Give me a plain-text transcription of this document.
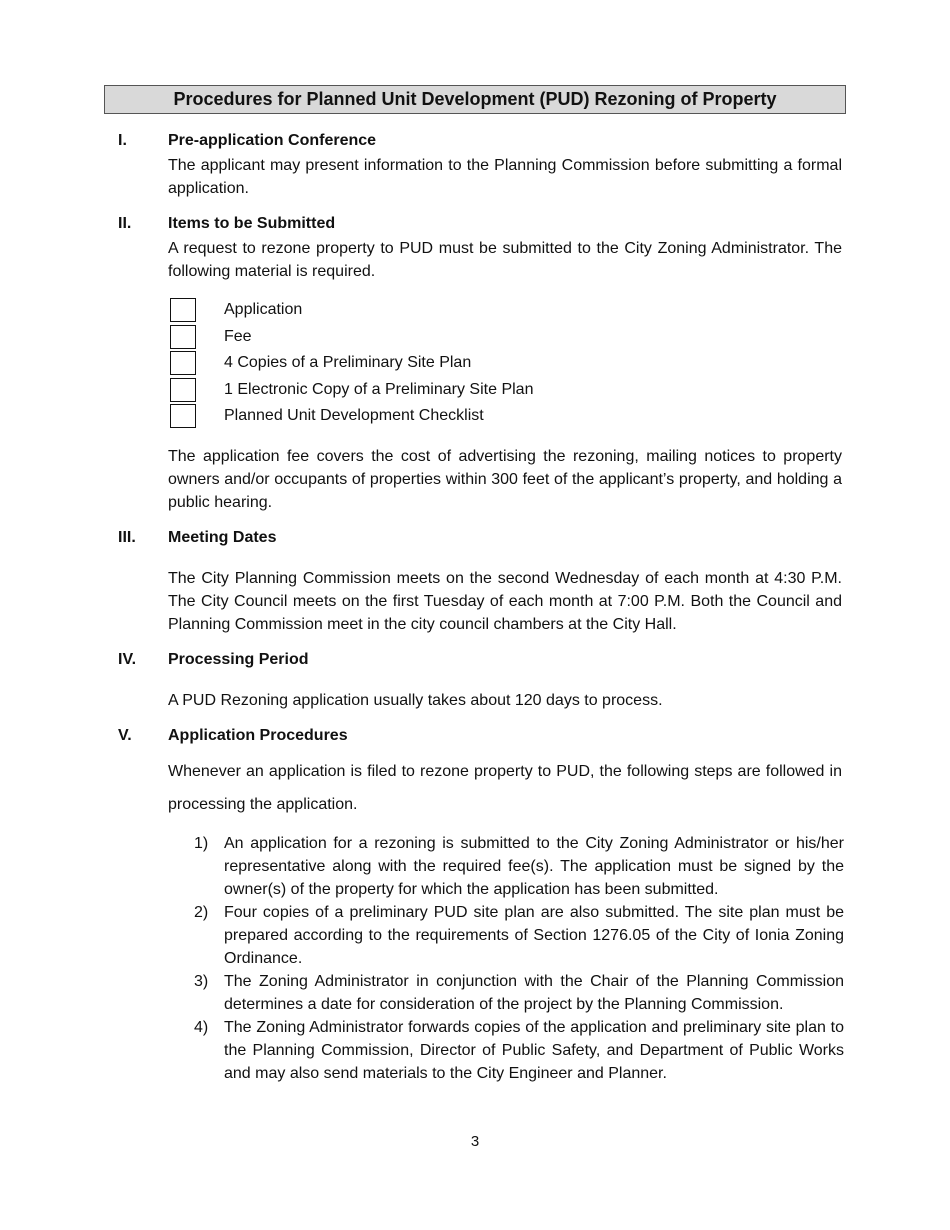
Procedures for Planned Unit Development (PUD) Rezoning of Property
I.	Pre-application Conference
The applicant may present information to the Planning Commission before submitting a formal application.
II.	Items to be Submitted
A request to rezone property to PUD must be submitted to the City Zoning Administrator. The following material is required.
Application
Fee
4 Copies of a Preliminary Site Plan
1 Electronic Copy of a Preliminary Site Plan
Planned Unit Development Checklist
The application fee covers the cost of advertising the rezoning, mailing notices to property owners and/or occupants of properties within 300 feet of the applicant’s property, and holding a public hearing.
III.	Meeting Dates
The City Planning Commission meets on the second Wednesday of each month at 4:30 P.M. The City Council meets on the first Tuesday of each month at 7:00 P.M. Both the Council and Planning Commission meet in the city council chambers at the City Hall.
IV.	Processing Period
A PUD Rezoning application usually takes about 120 days to process.
V.	Application Procedures
Whenever an application is filed to rezone property to PUD, the following steps are followed in processing the application.
1) An application for a rezoning is submitted to the City Zoning Administrator or his/her representative along with the required fee(s). The application must be signed by the owner(s) of the property for which the application has been submitted.
2) Four copies of a preliminary PUD site plan are also submitted. The site plan must be prepared according to the requirements of Section 1276.05 of the City of Ionia Zoning Ordinance.
3) The Zoning Administrator in conjunction with the Chair of the Planning Commission determines a date for consideration of the project by the Planning Commission.
4) The Zoning Administrator forwards copies of the application and preliminary site plan to the Planning Commission, Director of Public Safety, and Department of Public Works and may also send materials to the City Engineer and Planner.
3
